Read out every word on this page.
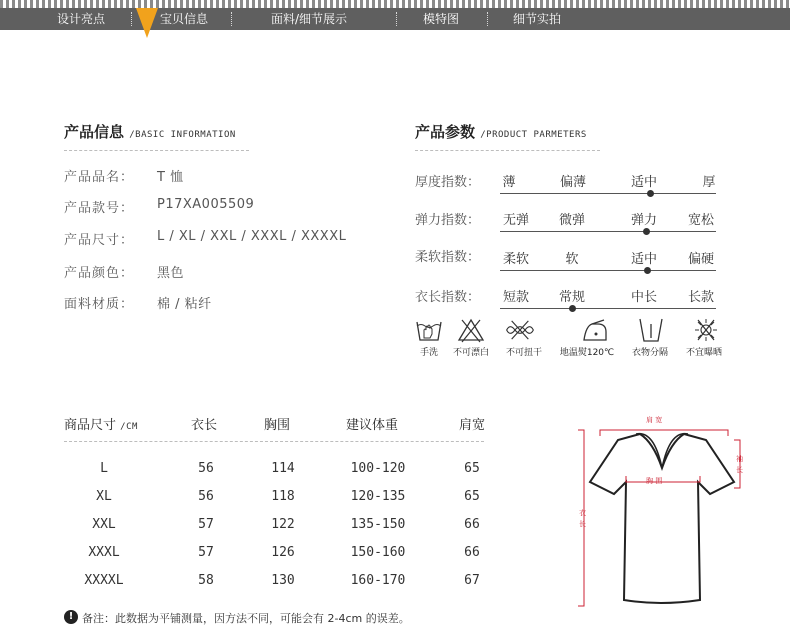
设计亮点	宝贝信息	面料/细节展示	模特图	细节实拍
产品信息 /BASIC INFORMATION
产品品名： T 恤
产品款号： P17XA005509
产品尺寸： L / XL / XXL / XXXL / XXXXL
产品颜色： 黑色
面料材质： 棉 / 粘纤
产品参数 /PRODUCT PARMETERS
厚度指数：	薄	偏薄	适中	厚
弹力指数：	无弹	微弹	弹力	宽松
柔软指数：	柔软	软	适中	偏硬
衣长指数：	短款	常规	中长	长款
手洗	不可漂白	不可扭干	地温熨120℃	衣物分隔	不宜曝晒
商品尺寸 /CM	衣长	胸围	建议体重	肩宽
L	56	114	100-120	65
XL	56	118	120-135	65
XXL	57	122	135-150	66
XXXL	57	126	150-160	66
XXXXL	58	130	160-170	67
肩 宽
胸 围
袖
长
衣
长
! 备注：此数据为平铺测量，因方法不同，可能会有 2-4cm 的误差。
